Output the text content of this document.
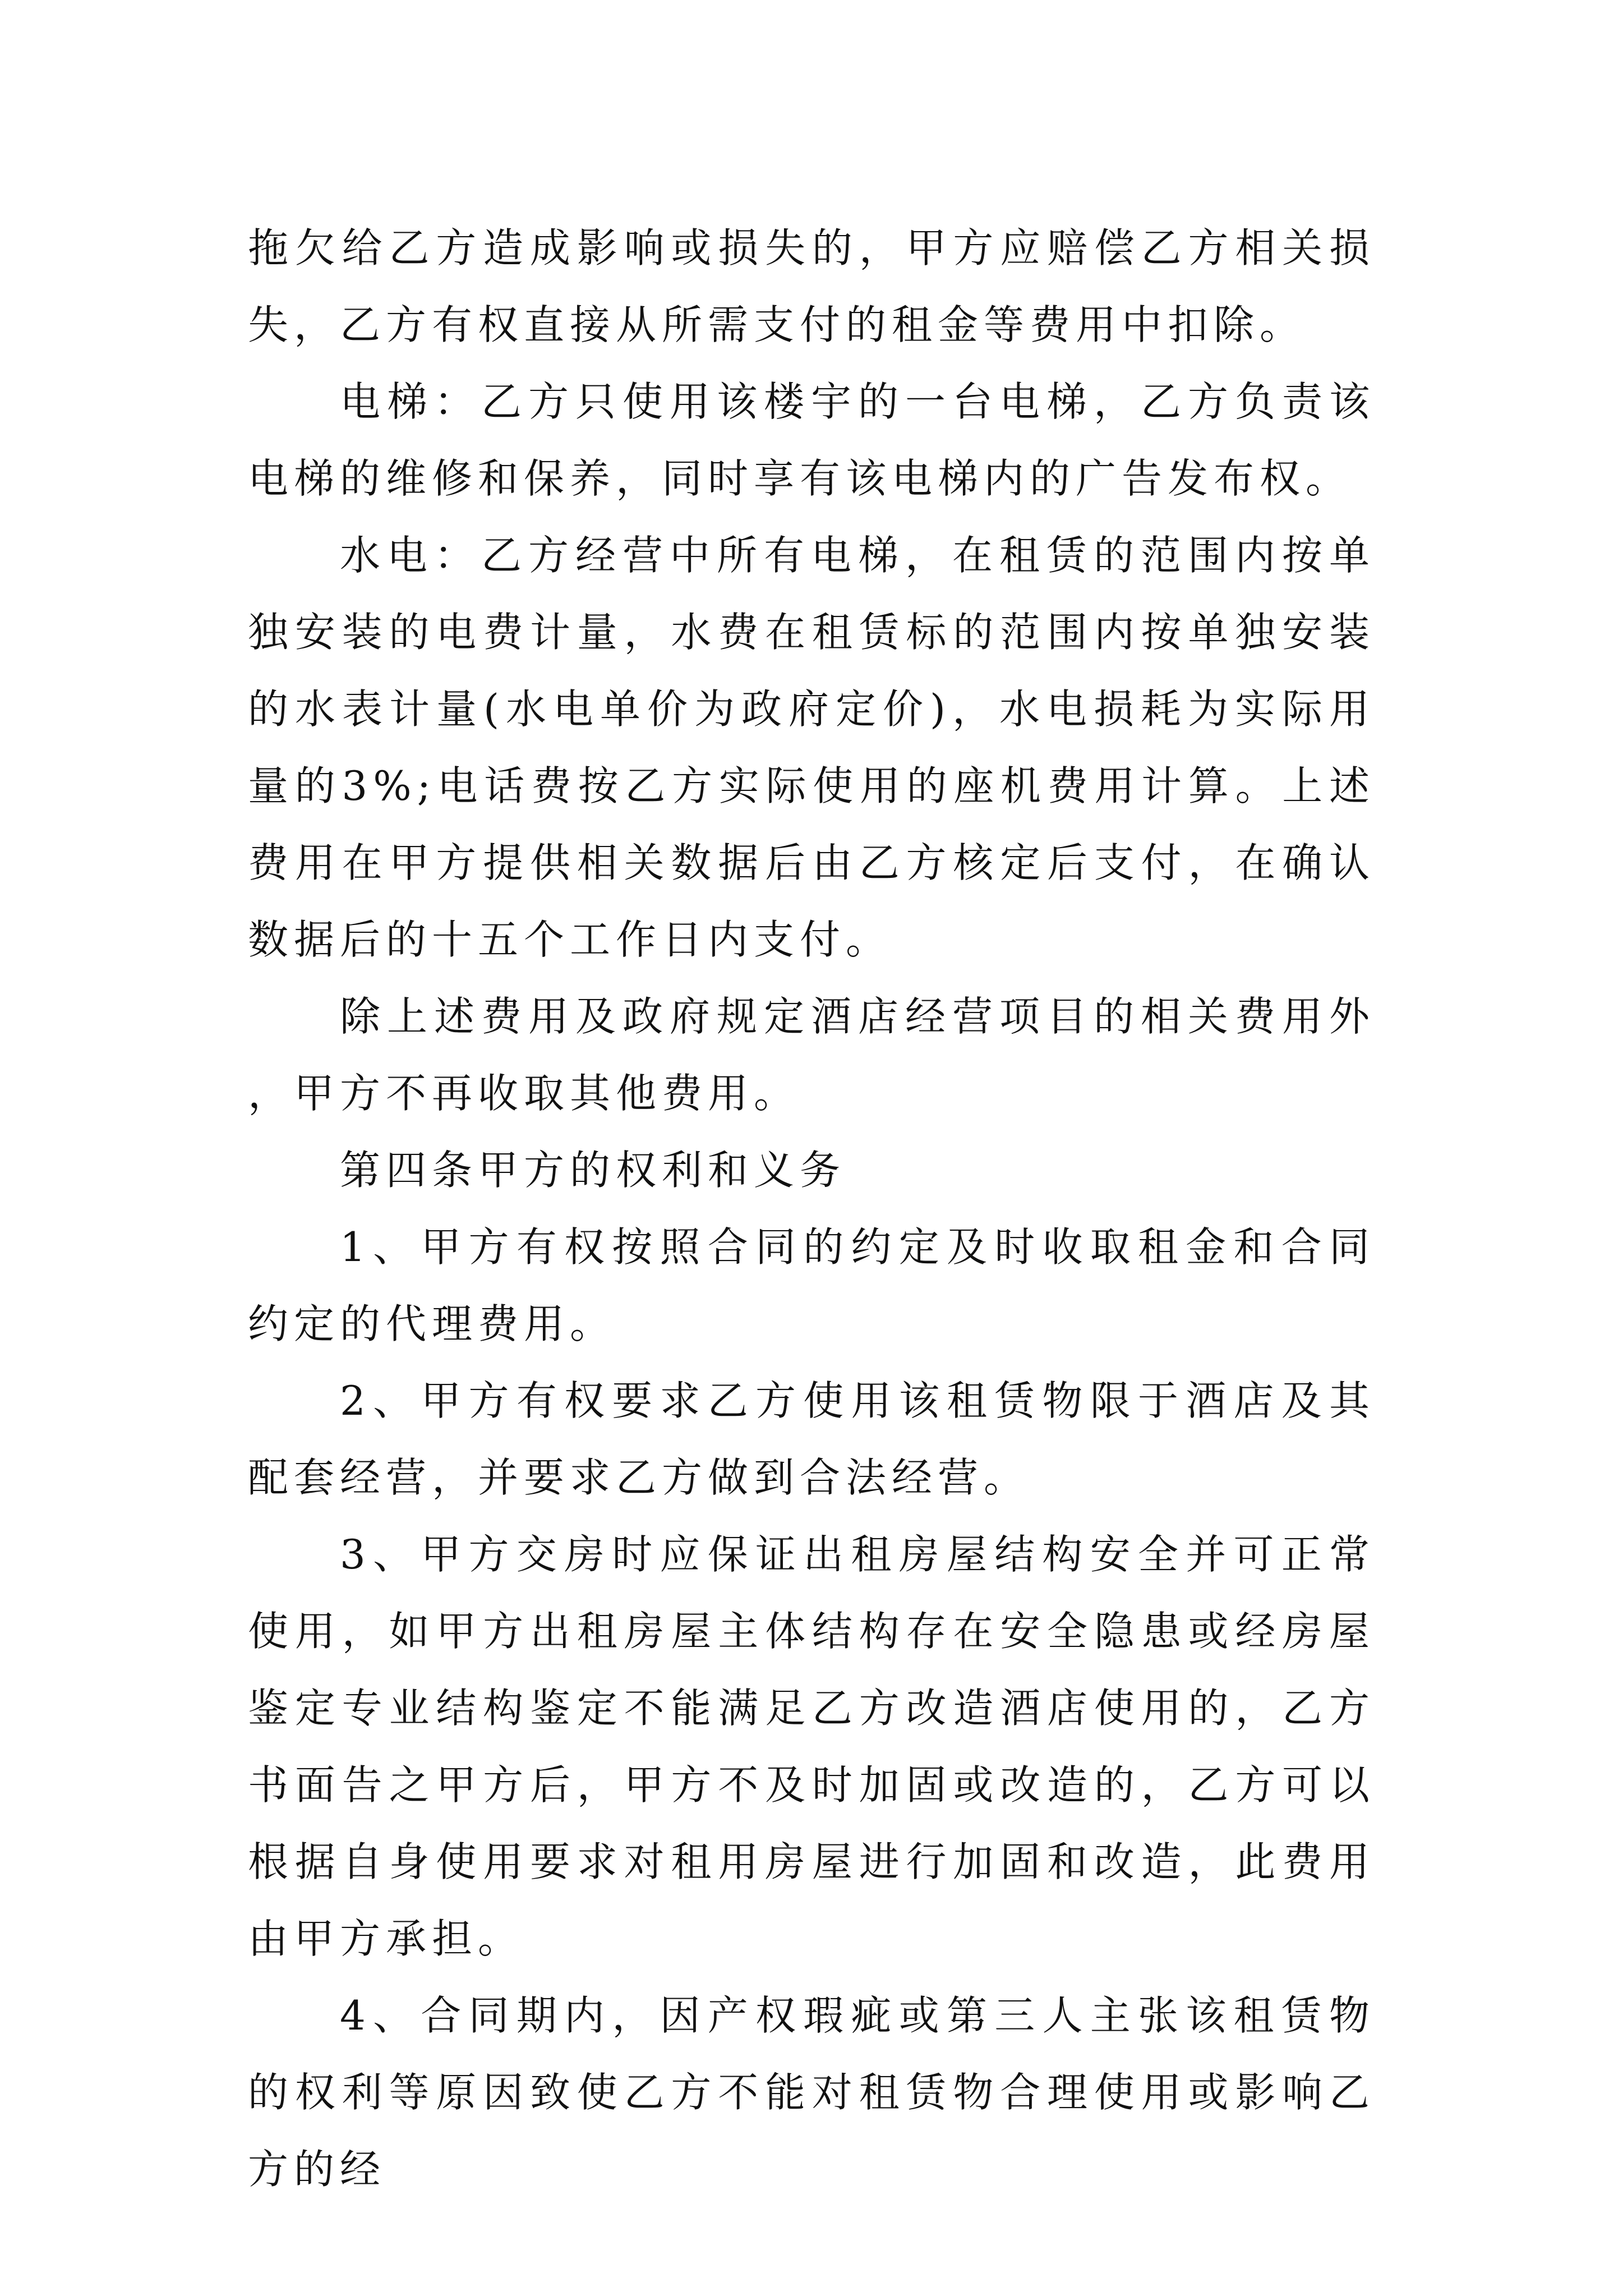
拖欠给乙方造成影响或损失的，甲方应赔偿乙方相关损失，乙方有权直接从所需支付的租金等费用中扣除。

电梯：乙方只使用该楼宇的一台电梯，乙方负责该电梯的维修和保养，同时享有该电梯内的广告发布权。

水电：乙方经营中所有电梯，在租赁的范围内按单独安装的电费计量，水费在租赁标的范围内按单独安装的水表计量(水电单价为政府定价)，水电损耗为实际用量的3%;电话费按乙方实际使用的座机费用计算。上述费用在甲方提供相关数据后由乙方核定后支付，在确认数据后的十五个工作日内支付。

除上述费用及政府规定酒店经营项目的相关费用外，甲方不再收取其他费用。

第四条甲方的权利和义务

1、甲方有权按照合同的约定及时收取租金和合同约定的代理费用。

2、甲方有权要求乙方使用该租赁物限于酒店及其配套经营，并要求乙方做到合法经营。

3、甲方交房时应保证出租房屋结构安全并可正常使用，如甲方出租房屋主体结构存在安全隐患或经房屋鉴定专业结构鉴定不能满足乙方改造酒店使用的，乙方书面告之甲方后，甲方不及时加固或改造的，乙方可以根据自身使用要求对租用房屋进行加固和改造，此费用由甲方承担。

4、合同期内，因产权瑕疵或第三人主张该租赁物的权利等原因致使乙方不能对租赁物合理使用或影响乙方的经
